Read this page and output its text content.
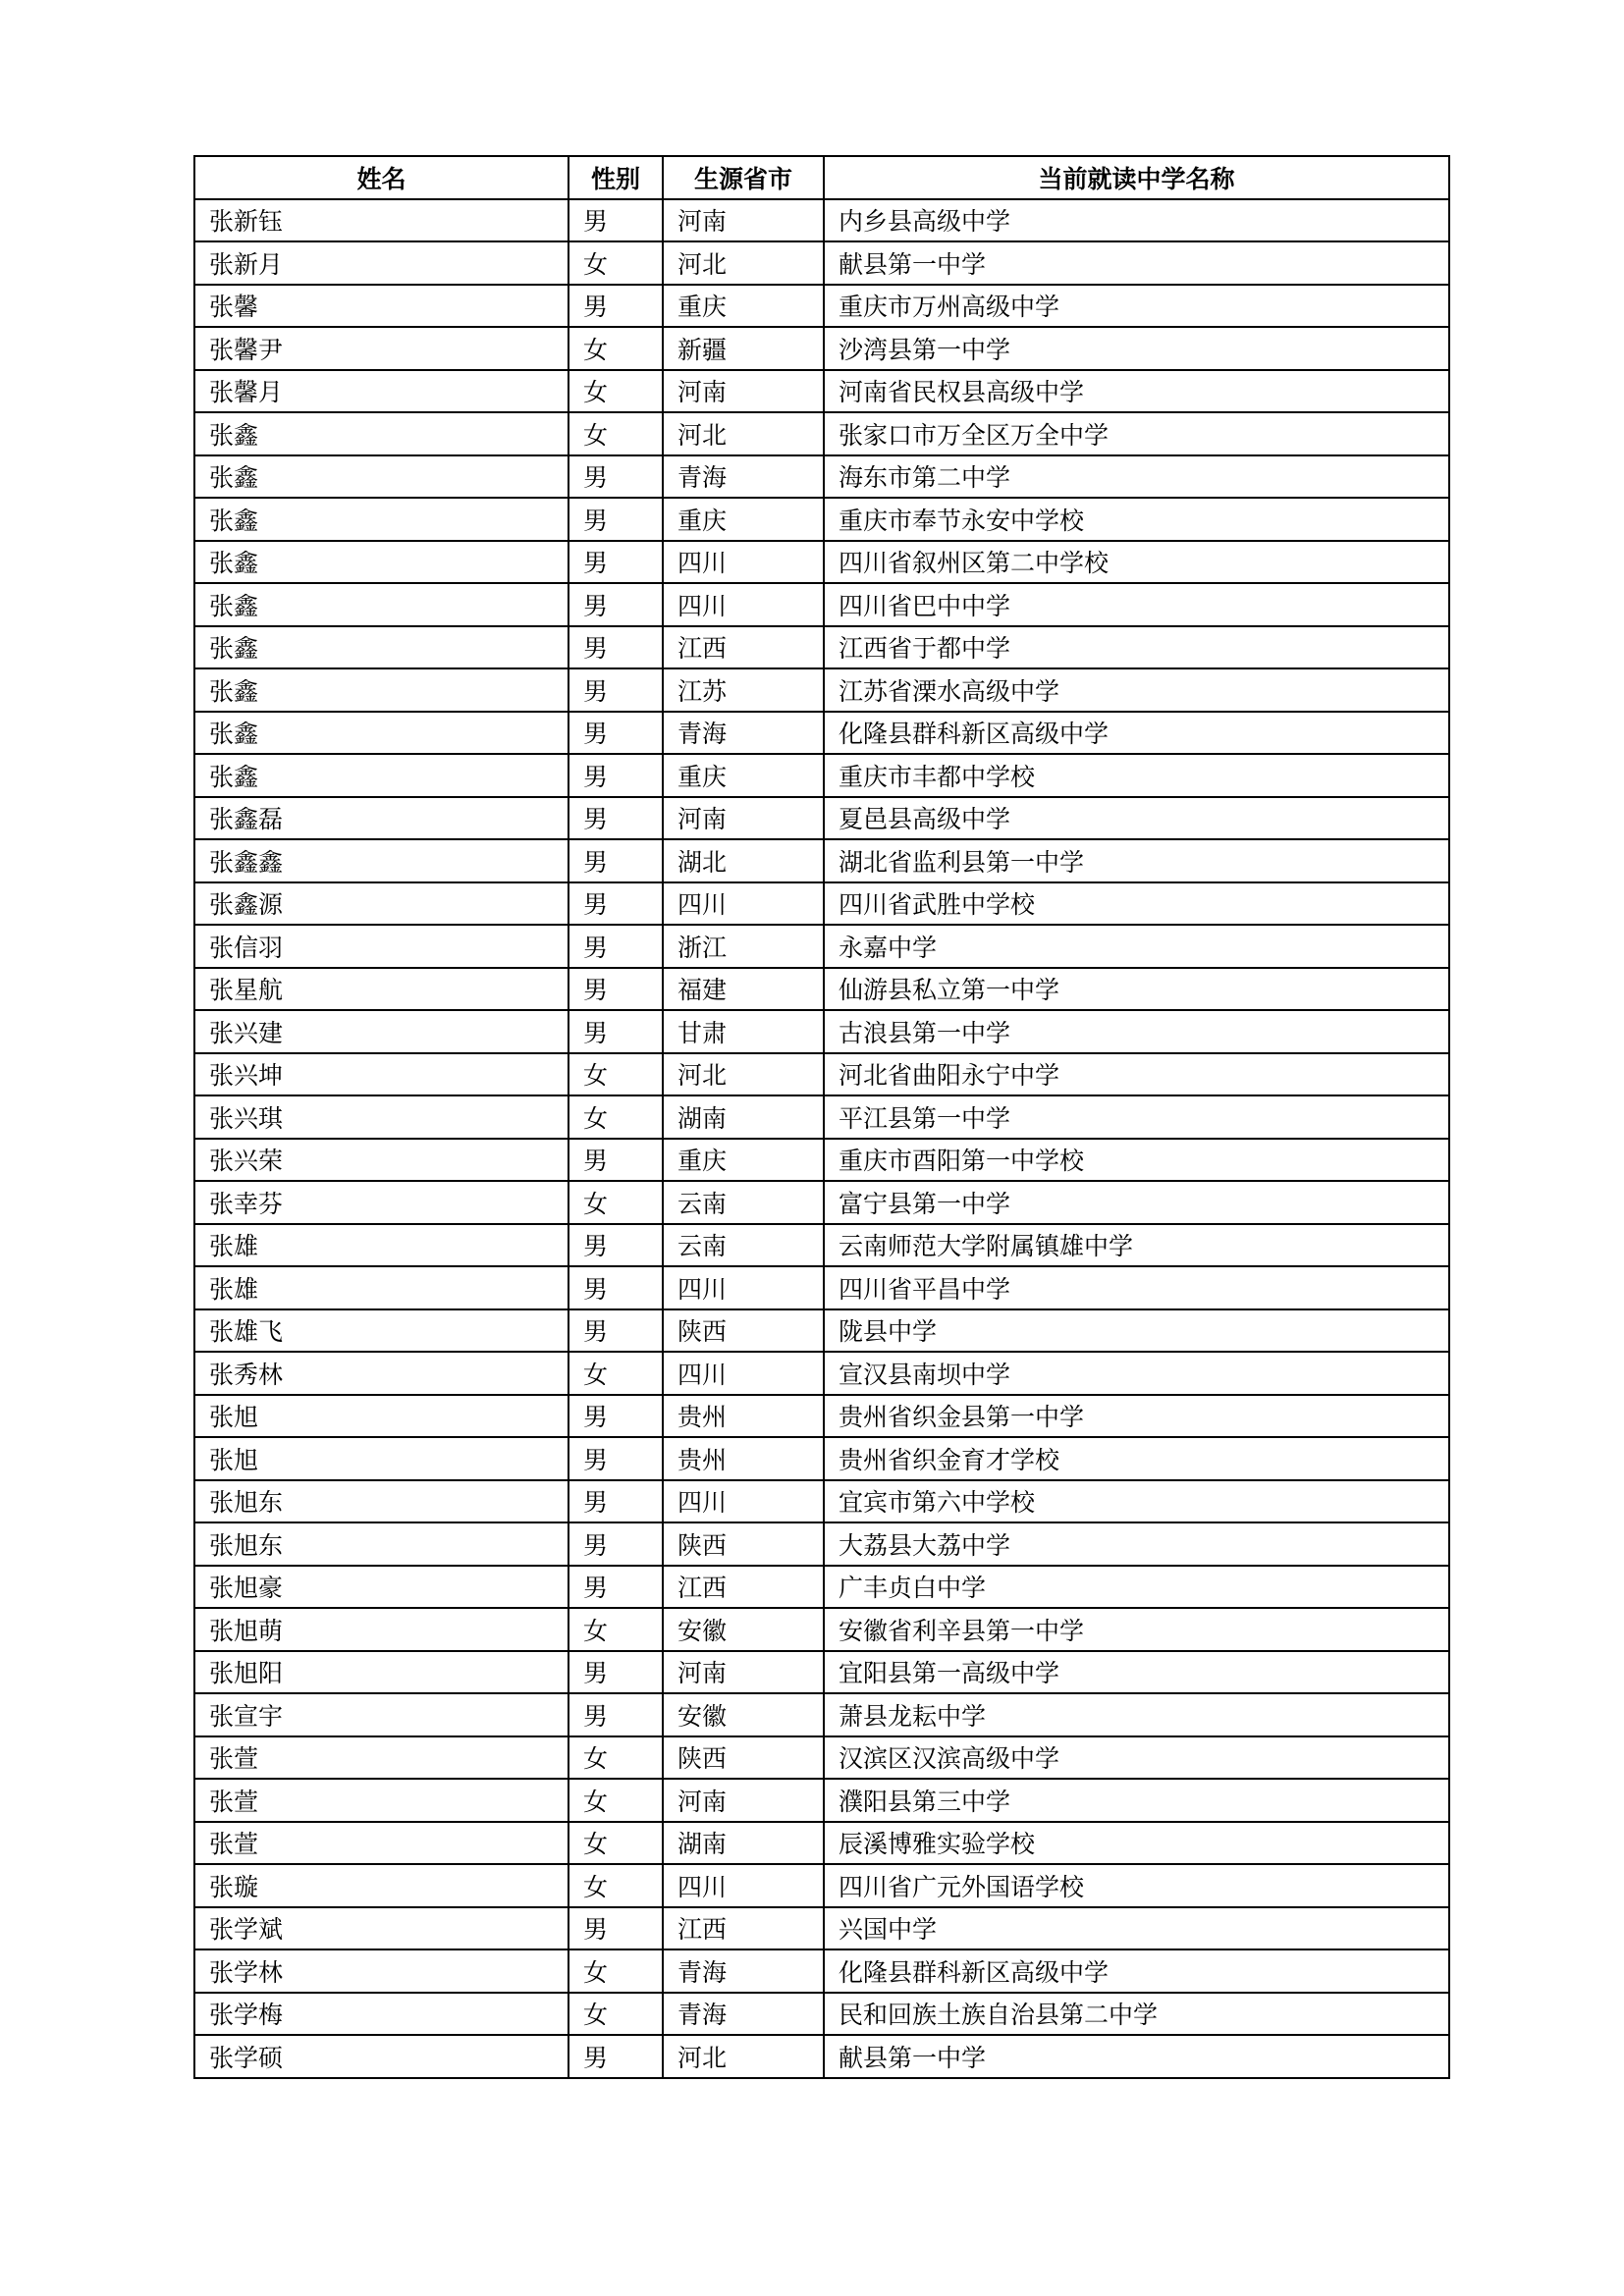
姓名	性别	生源省市	当前就读中学名称
张新钰	男	河南	内乡县高级中学
张新月	女	河北	献县第一中学
张馨	男	重庆	重庆市万州高级中学
张馨尹	女	新疆	沙湾县第一中学
张馨月	女	河南	河南省民权县高级中学
张鑫	女	河北	张家口市万全区万全中学
张鑫	男	青海	海东市第二中学
张鑫	男	重庆	重庆市奉节永安中学校
张鑫	男	四川	四川省叙州区第二中学校
张鑫	男	四川	四川省巴中中学
张鑫	男	江西	江西省于都中学
张鑫	男	江苏	江苏省溧水高级中学
张鑫	男	青海	化隆县群科新区高级中学
张鑫	男	重庆	重庆市丰都中学校
张鑫磊	男	河南	夏邑县高级中学
张鑫鑫	男	湖北	湖北省监利县第一中学
张鑫源	男	四川	四川省武胜中学校
张信羽	男	浙江	永嘉中学
张星航	男	福建	仙游县私立第一中学
张兴建	男	甘肃	古浪县第一中学
张兴坤	女	河北	河北省曲阳永宁中学
张兴琪	女	湖南	平江县第一中学
张兴荣	男	重庆	重庆市酉阳第一中学校
张幸芬	女	云南	富宁县第一中学
张雄	男	云南	云南师范大学附属镇雄中学
张雄	男	四川	四川省平昌中学
张雄飞	男	陕西	陇县中学
张秀林	女	四川	宣汉县南坝中学
张旭	男	贵州	贵州省织金县第一中学
张旭	男	贵州	贵州省织金育才学校
张旭东	男	四川	宜宾市第六中学校
张旭东	男	陕西	大荔县大荔中学
张旭豪	男	江西	广丰贞白中学
张旭萌	女	安徽	安徽省利辛县第一中学
张旭阳	男	河南	宜阳县第一高级中学
张宣宇	男	安徽	萧县龙耘中学
张萱	女	陕西	汉滨区汉滨高级中学
张萱	女	河南	濮阳县第三中学
张萱	女	湖南	辰溪博雅实验学校
张璇	女	四川	四川省广元外国语学校
张学斌	男	江西	兴国中学
张学林	女	青海	化隆县群科新区高级中学
张学梅	女	青海	民和回族土族自治县第二中学
张学硕	男	河北	献县第一中学
